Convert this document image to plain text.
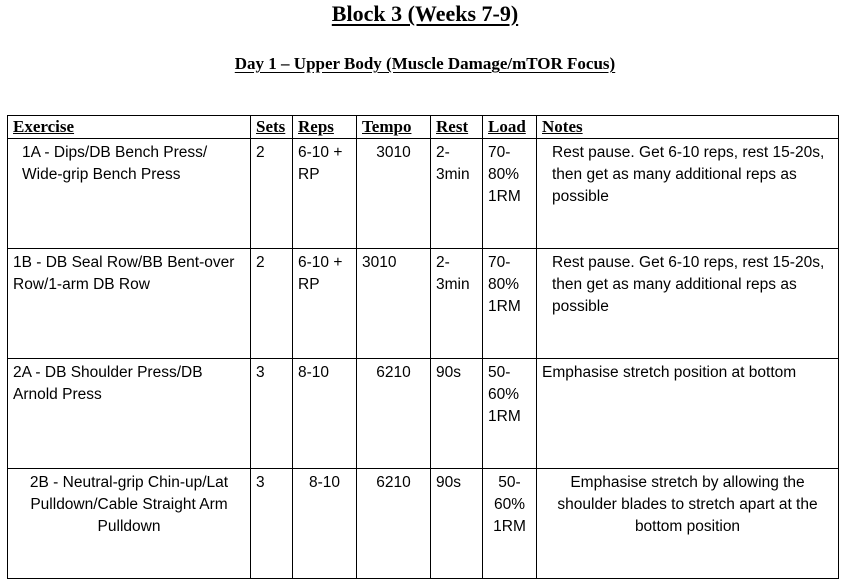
Block 3 (Weeks 7-9)
Day 1 – Upper Body (Muscle Damage/mTOR Focus)
Exercise	Sets	Reps	Tempo	Rest	Load	Notes
1A - Dips/DB Bench Press/ Wide-grip Bench Press	2	6-10 + RP	3010	2-3min	70-80% 1RM	Rest pause. Get 6-10 reps, rest 15-20s, then get as many additional reps as possible
1B - DB Seal Row/BB Bent-over Row/1-arm DB Row	2	6-10 + RP	3010	2-3min	70-80% 1RM	Rest pause. Get 6-10 reps, rest 15-20s, then get as many additional reps as possible
2A - DB Shoulder Press/DB Arnold Press	3	8-10	6210	90s	50-60% 1RM	Emphasise stretch position at bottom
2B - Neutral-grip Chin-up/Lat Pulldown/Cable Straight Arm Pulldown	3	8-10	6210	90s	50-60% 1RM	Emphasise stretch by allowing the shoulder blades to stretch apart at the bottom position
